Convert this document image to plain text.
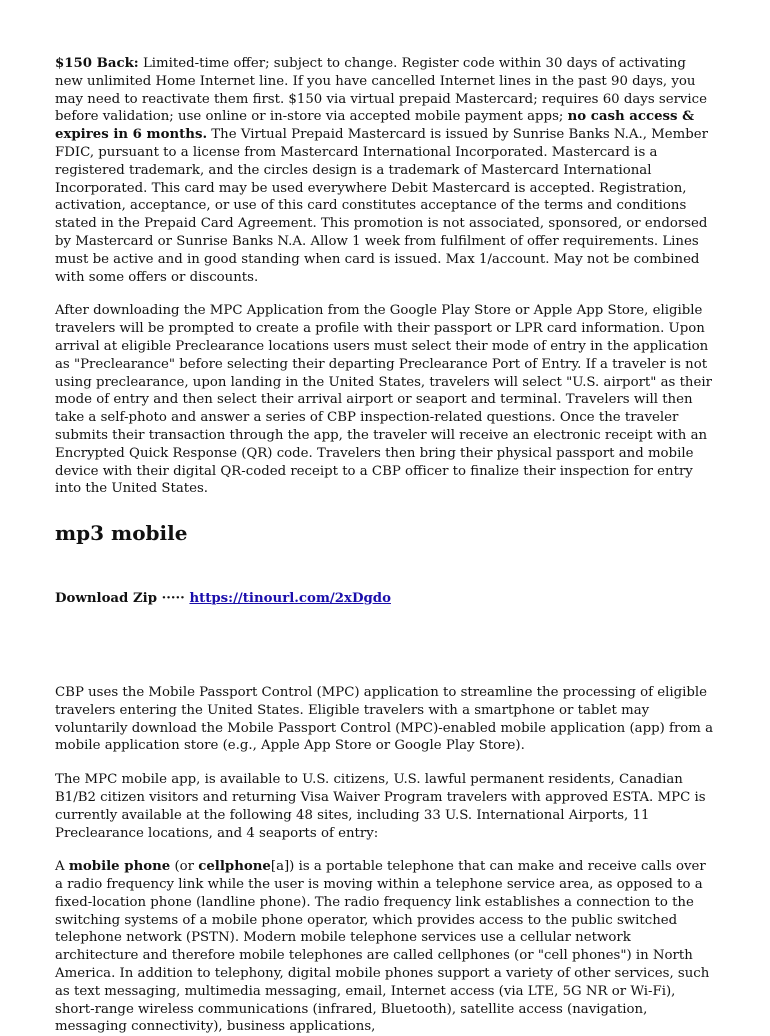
$150 Back: Limited-time offer; subject to change. Register code within 30 days of activating new unlimited Home Internet line. If you have cancelled Internet lines in the past 90 days, you may need to reactivate them first. $150 via virtual prepaid Mastercard; requires 60 days service before validation; use online or in-store via accepted mobile payment apps; no cash access & expires in 6 months. The Virtual Prepaid Mastercard is issued by Sunrise Banks N.A., Member FDIC, pursuant to a license from Mastercard International Incorporated. Mastercard is a registered trademark, and the circles design is a trademark of Mastercard International Incorporated. This card may be used everywhere Debit Mastercard is accepted. Registration, activation, acceptance, or use of this card constitutes acceptance of the terms and conditions stated in the Prepaid Card Agreement. This promotion is not associated, sponsored, or endorsed by Mastercard or Sunrise Banks N.A. Allow 1 week from fulfilment of offer requirements. Lines must be active and in good standing when card is issued. Max 1/account. May not be combined with some offers or discounts.

After downloading the MPC Application from the Google Play Store or Apple App Store, eligible travelers will be prompted to create a profile with their passport or LPR card information. Upon arrival at eligible Preclearance locations users must select their mode of entry in the application as "Preclearance" before selecting their departing Preclearance Port of Entry. If a traveler is not using preclearance, upon landing in the United States, travelers will select "U.S. airport" as their mode of entry and then select their arrival airport or seaport and terminal. Travelers will then take a self-photo and answer a series of CBP inspection-related questions. Once the traveler submits their transaction through the app, the traveler will receive an electronic receipt with an Encrypted Quick Response (QR) code. Travelers then bring their physical passport and mobile device with their digital QR-coded receipt to a CBP officer to finalize their inspection for entry into the United States.

mp3 mobile

Download Zip ····· https://tinourl.com/2xDgdo

CBP uses the Mobile Passport Control (MPC) application to streamline the processing of eligible travelers entering the United States. Eligible travelers with a smartphone or tablet may voluntarily download the Mobile Passport Control (MPC)-enabled mobile application (app) from a mobile application store (e.g., Apple App Store or Google Play Store).

The MPC mobile app, is available to U.S. citizens, U.S. lawful permanent residents, Canadian B1/B2 citizen visitors and returning Visa Waiver Program travelers with approved ESTA. MPC is currently available at the following 48 sites, including 33 U.S. International Airports, 11 Preclearance locations, and 4 seaports of entry:

A mobile phone (or cellphone[a]) is a portable telephone that can make and receive calls over a radio frequency link while the user is moving within a telephone service area, as opposed to a fixed-location phone (landline phone). The radio frequency link establishes a connection to the switching systems of a mobile phone operator, which provides access to the public switched telephone network (PSTN). Modern mobile telephone services use a cellular network architecture and therefore mobile telephones are called cellphones (or "cell phones") in North America. In addition to telephony, digital mobile phones support a variety of other services, such as text messaging, multimedia messaging, email, Internet access (via LTE, 5G NR or Wi-Fi), short-range wireless communications (infrared, Bluetooth), satellite access (navigation, messaging connectivity), business applications,
